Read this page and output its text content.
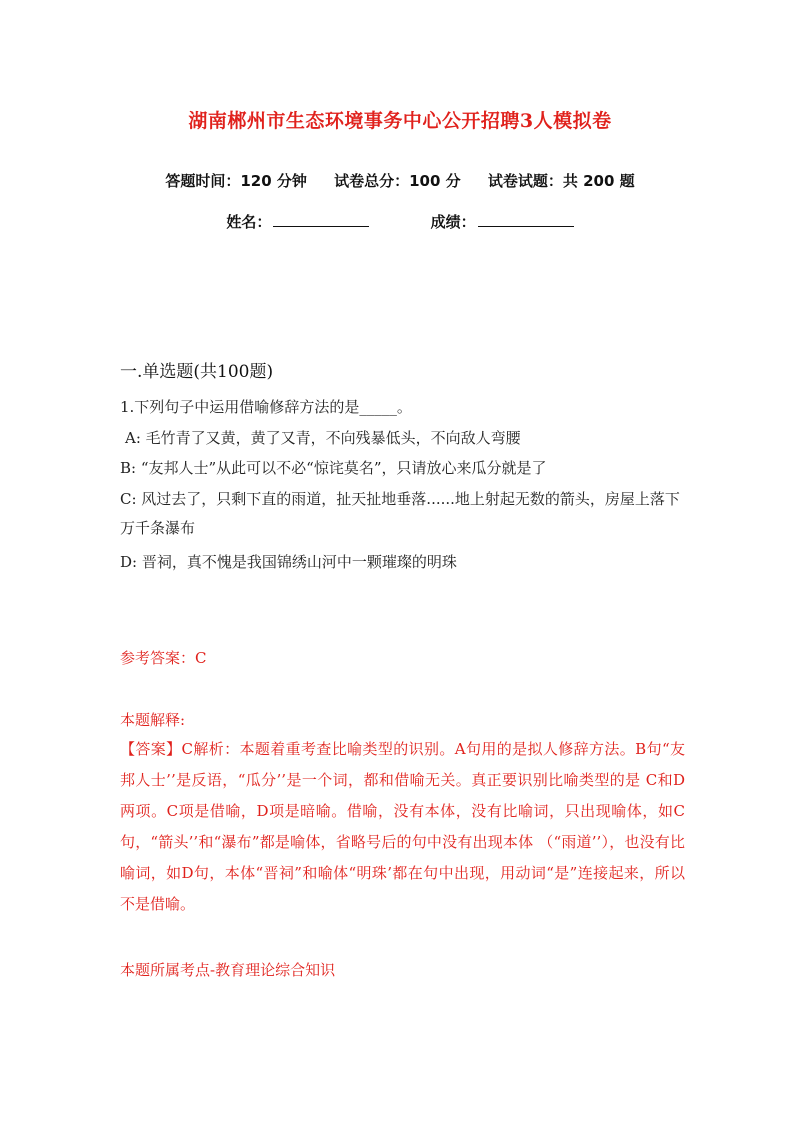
湖南郴州市生态环境事务中心公开招聘3人模拟卷
答题时间：120 分钟 试卷总分：100 分 试卷试题：共 200 题
姓名：	成绩：
一.单选题(共100题)
1.下列句子中运用借喻修辞方法的是_____。
A: 毛竹青了又黄，黄了又青，不向残暴低头，不向敌人弯腰
B: “友邦人士”从此可以不必“惊诧莫名”，只请放心来瓜分就是了
C: 风过去了，只剩下直的雨道，扯天扯地垂落......地上射起无数的箭头，房屋上落下万千条瀑布
D: 晋祠，真不愧是我国锦绣山河中一颗璀璨的明珠
参考答案：C
本题解释:
【答案】C解析：本题着重考查比喻类型的识别。A句用的是拟人修辞方法。B句“友邦人士’’是反语，“瓜分’’是一个词，都和借喻无关。真正要识别比喻类型的是 C和D两项。C项是借喻，D项是暗喻。借喻，没有本体，没有比喻词，只出现喻体，如C句，“箭头’’和“瀑布”都是喻体，省略号后的句中没有出现本体 （“雨道’’），也没有比喻词，如D句，本体“晋祠”和喻体“明珠’都在句中出现，用动词“是”连接起来，所以不是借喻。
本题所属考点-教育理论综合知识
